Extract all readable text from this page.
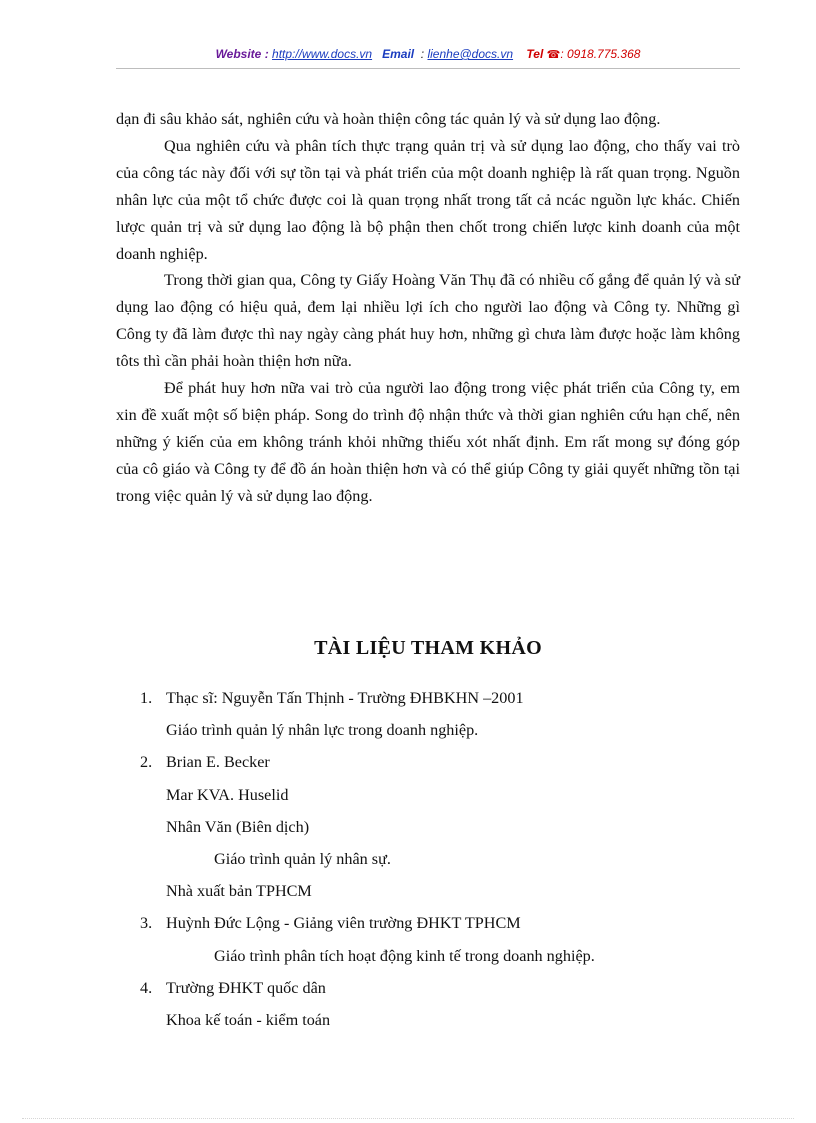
Website : http://www.docs.vn Email : lienhe@docs.vn Tel ☎: 0918.775.368

dạn đi sâu khảo sát, nghiên cứu và hoàn thiện công tác quản lý và sử dụng lao động.

Qua nghiên cứu và phân tích thực trạng quản trị và sử dụng lao động, cho thấy vai trò của công tác này đối với sự tồn tại và phát triển của một doanh nghiệp là rất quan trọng. Nguồn nhân lực của một tổ chức được coi là quan trọng nhất trong tất cả ncác nguồn lực khác. Chiến lược quản trị và sử dụng lao động là bộ phận then chốt trong chiến lược kinh doanh của một doanh nghiệp.

Trong thời gian qua, Công ty Giấy Hoàng Văn Thụ đã có nhiều cố gắng để quản lý và sử dụng lao động có hiệu quả, đem lại nhiều lợi ích cho người lao động và Công ty. Những gì Công ty đã làm được thì nay ngày càng phát huy hơn, những gì chưa làm được hoặc làm không tôts thì cần phải hoàn thiện hơn nữa.

Để phát huy hơn nữa vai trò của người lao động trong việc phát triển của Công ty, em xin đề xuất một số biện pháp. Song do trình độ nhận thức và thời gian nghiên cứu hạn chế, nên những ý kiến của em không tránh khỏi những thiếu xót nhất định. Em rất mong sự đóng góp của cô giáo và Công ty để đồ án hoàn thiện hơn và có thể giúp Công ty giải quyết những tồn tại trong việc quản lý và sử dụng lao động.

TÀI LIỆU THAM KHẢO
1. Thạc sĩ: Nguyễn Tấn Thịnh - Trường ĐHBKHN –2001
Giáo trình quản lý nhân lực trong doanh nghiệp.
2. Brian E. Becker
Mar KVA. Huselid
Nhân Văn (Biên dịch)
Giáo trình quản lý nhân sự.
Nhà xuất bản TPHCM
3. Huỳnh Đức Lộng - Giảng viên trường ĐHKT TPHCM
Giáo trình phân tích hoạt động kinh tế trong doanh nghiệp.
4. Trường ĐHKT quốc dân
Khoa kế toán - kiểm toán
